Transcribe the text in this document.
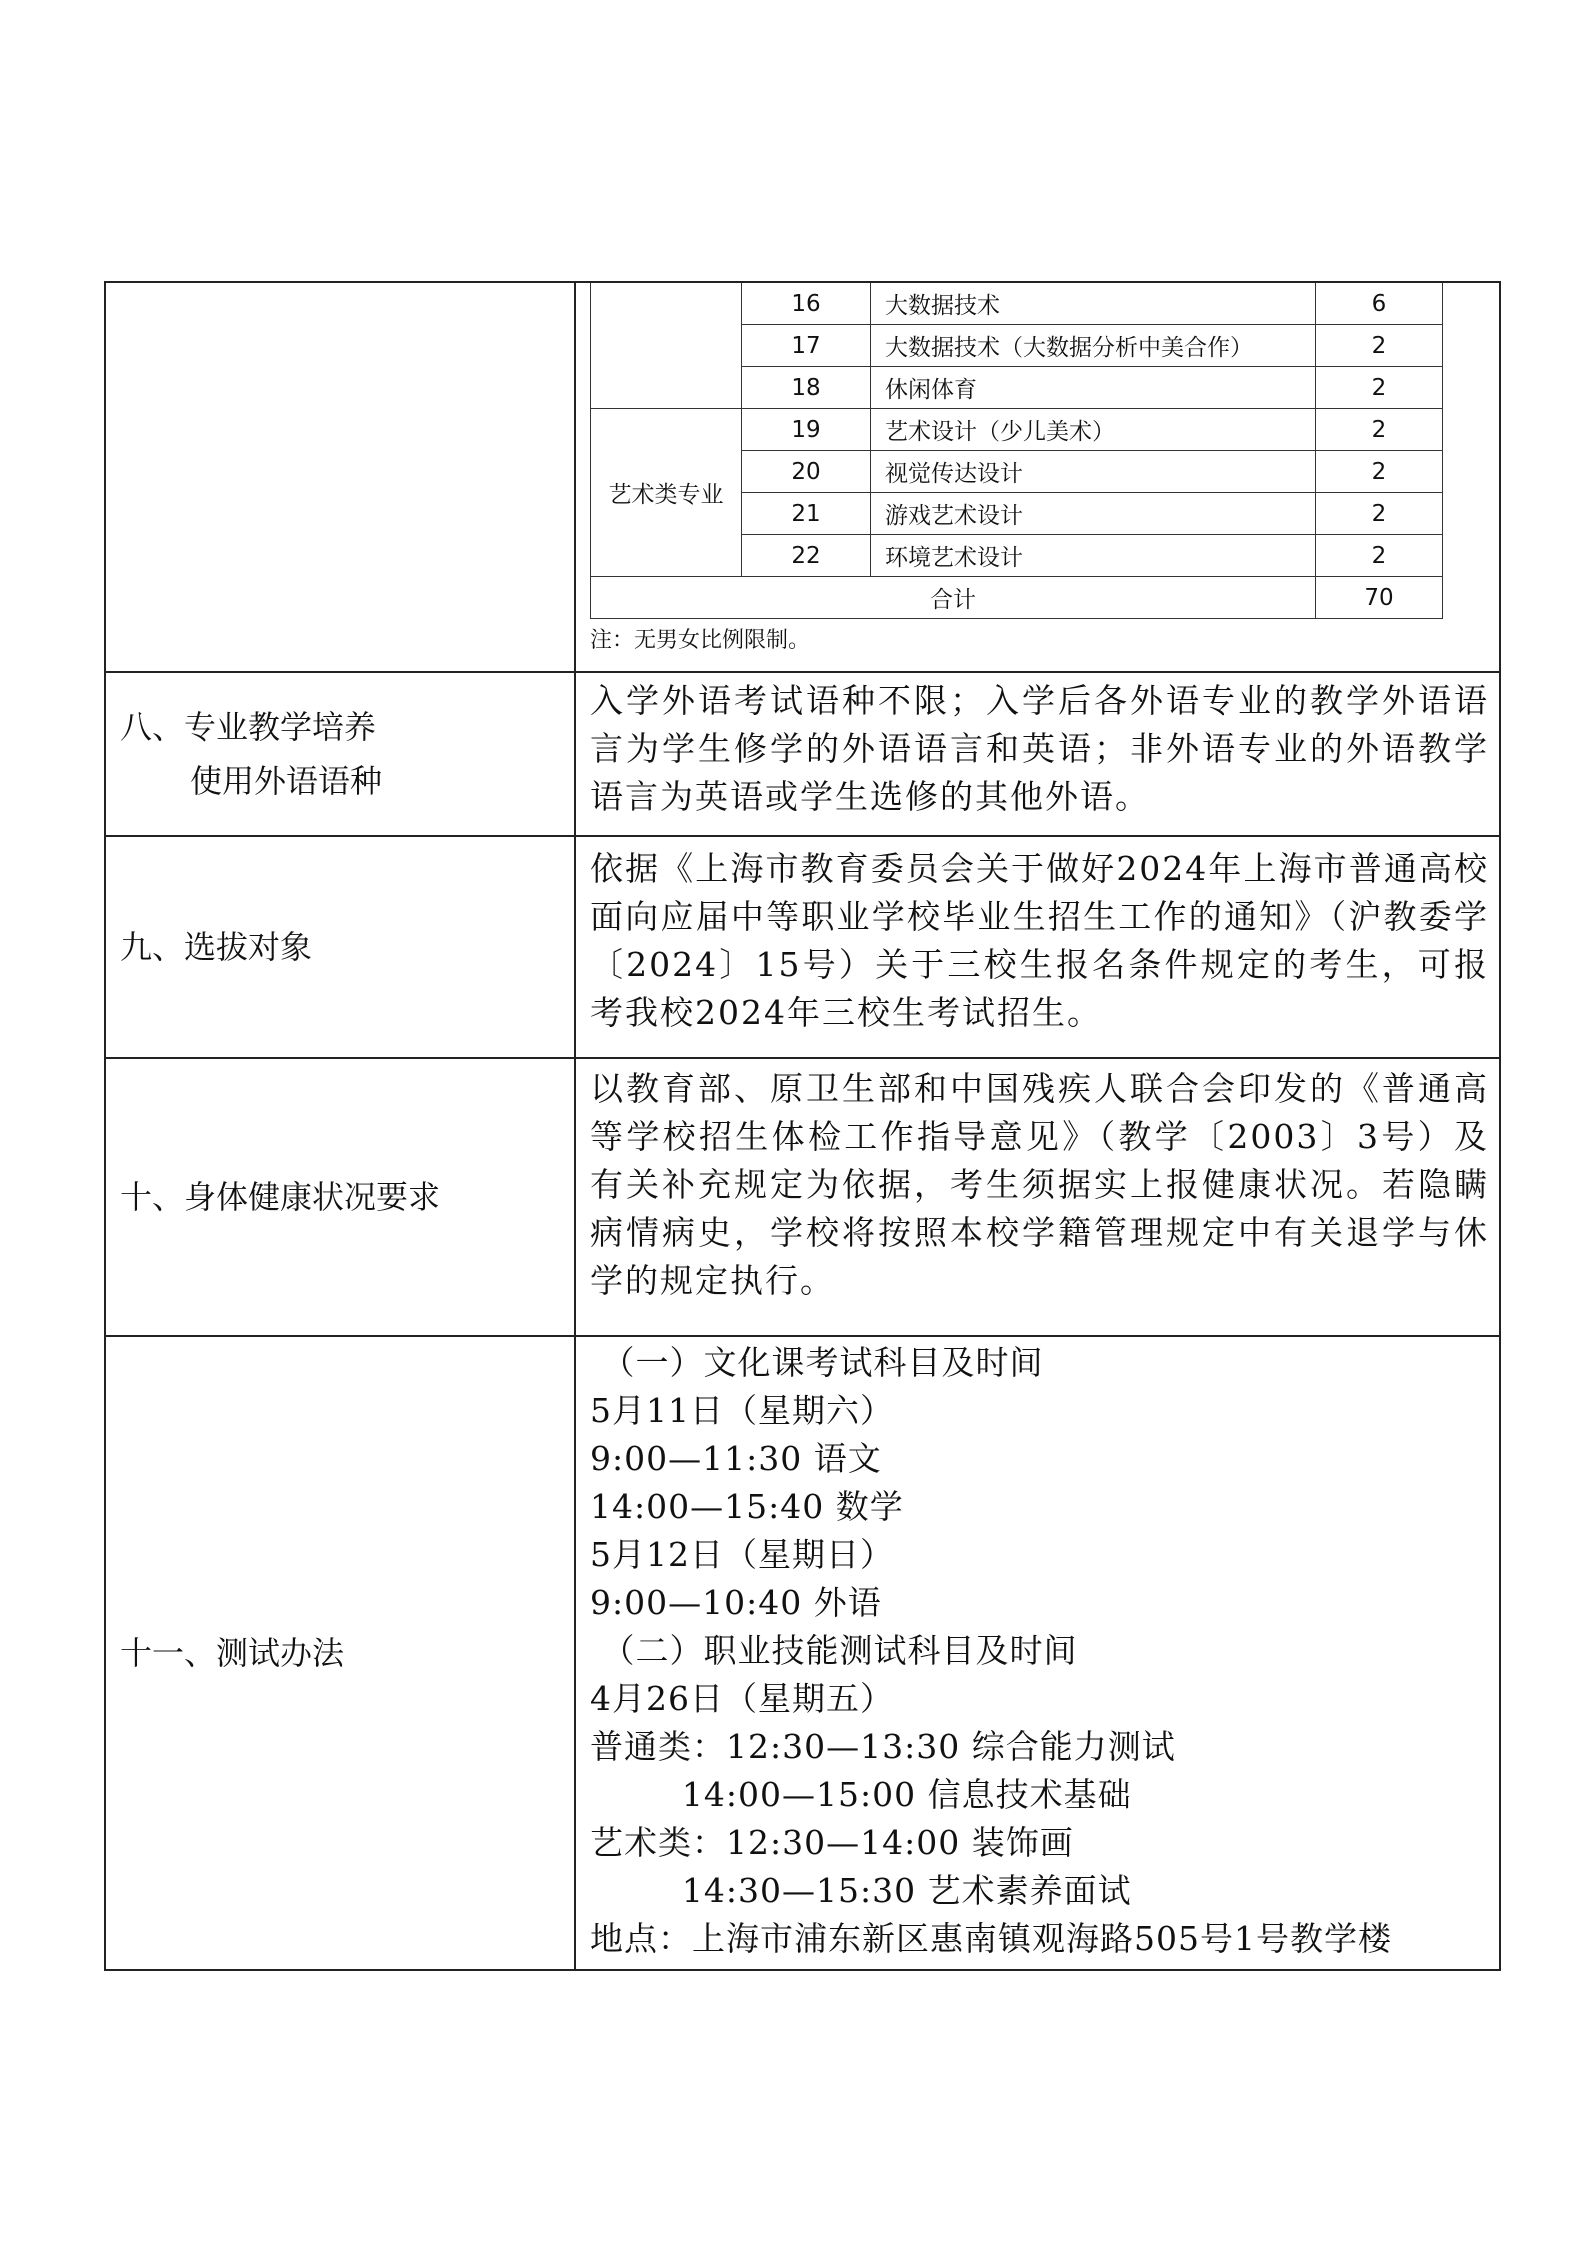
	16	大数据技术	6
	17	大数据技术（大数据分析中美合作）	2
	18	休闲体育	2
艺术类专业	19	艺术设计（少儿美术）	2
	20	视觉传达设计	2
	21	游戏艺术设计	2
	22	环境艺术设计	2
合计			70
注：无男女比例限制。
八、专业教学培养
使用外语语种
入学外语考试语种不限；入学后各外语专业的教学外语语言为学生修学的外语语言和英语；非外语专业的外语教学语言为英语或学生选修的其他外语。
九、选拔对象
依据《上海市教育委员会关于做好2024年上海市普通高校面向应届中等职业学校毕业生招生工作的通知》（沪教委学〔2024〕15号）关于三校生报名条件规定的考生，可报考我校2024年三校生考试招生。
十、身体健康状况要求
以教育部、原卫生部和中国残疾人联合会印发的《普通高等学校招生体检工作指导意见》（教学〔2003〕3号）及有关补充规定为依据，考生须据实上报健康状况。若隐瞒病情病史，学校将按照本校学籍管理规定中有关退学与休学的规定执行。
十一、测试办法
（一）文化课考试科目及时间
5月11日（星期六）
9:00—11:30 语文
14:00—15:40 数学
5月12日（星期日）
9:00—10:40 外语
（二）职业技能测试科目及时间
4月26日（星期五）
普通类：12:30—13:30 综合能力测试
14:00—15:00 信息技术基础
艺术类：12:30—14:00 装饰画
14:30—15:30 艺术素养面试
地点：上海市浦东新区惠南镇观海路505号1号教学楼
